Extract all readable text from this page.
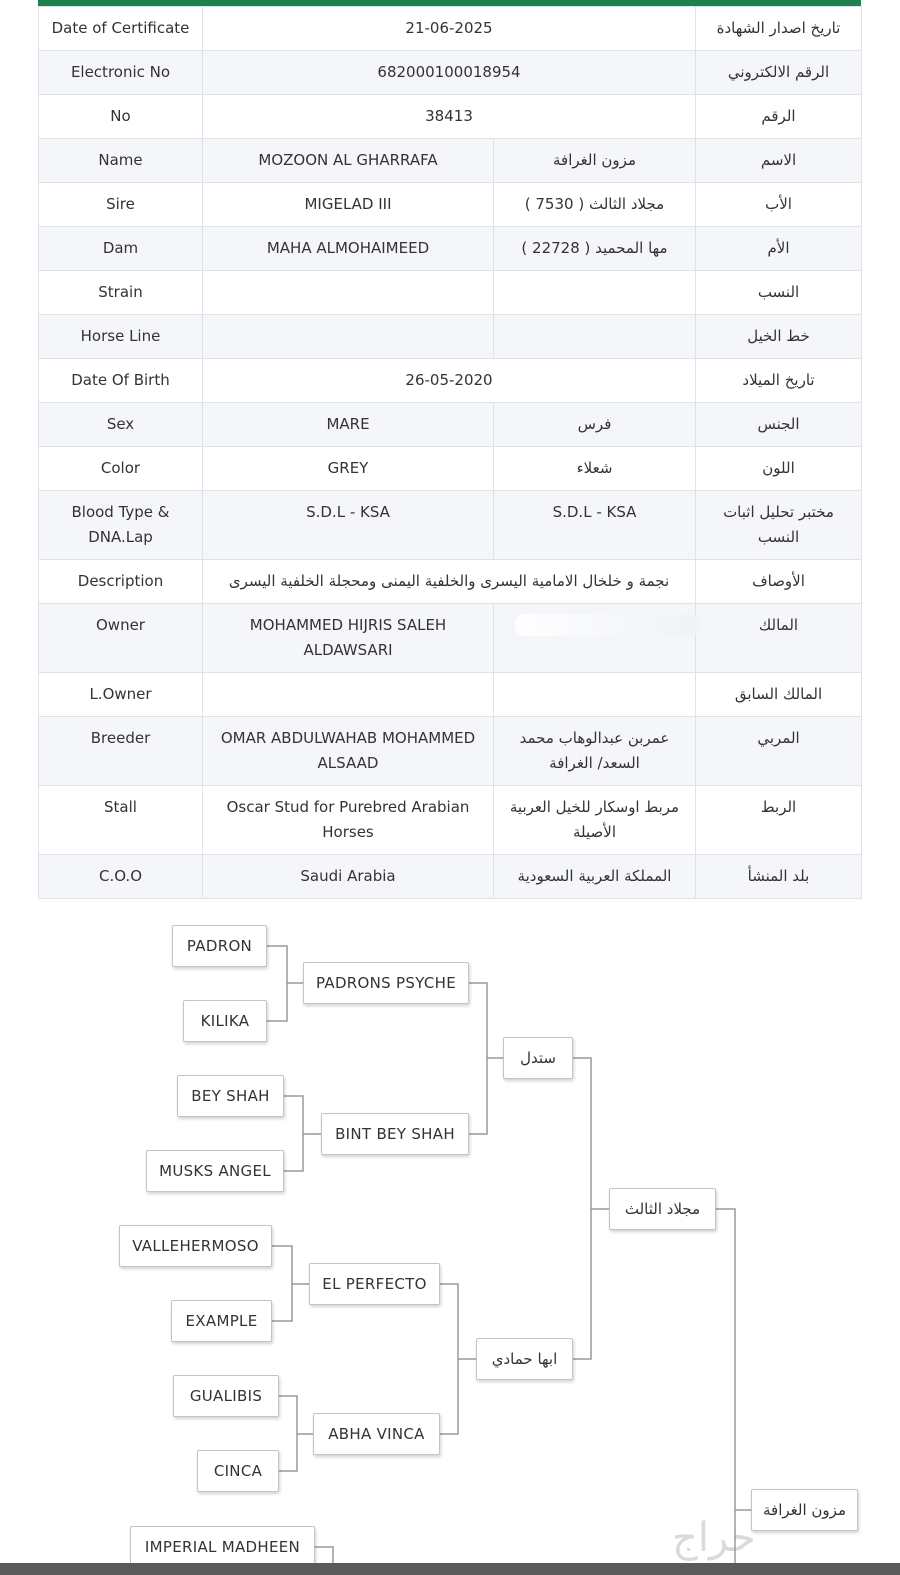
Date of Certificate	21-06-2025		تاريخ اصدار الشهادة
Electronic No	682000100018954		الرقم الالكتروني
No	38413		الرقم
Name	MOZOON AL GHARRAFA	مزون الغرافة	الاسم
Sire	MIGELAD III	مجلاد الثالث ( 7530 )	الأب
Dam	MAHA ALMOHAIMEED	مها المحميد ( 22728 )	الأم
Strain			النسب
Horse Line			خط الخيل
Date Of Birth	26-05-2020		تاريخ الميلاد
Sex	MARE	فرس	الجنس
Color	GREY	شعلاء	اللون
Blood Type & DNA.Lap	S.D.L - KSA	S.D.L - KSA	مختبر تحليل اثبات النسب
Description	نجمة و خلخال الامامية اليسرى والخلفية اليمنى ومحجلة الخلفية اليسرى		الأوصاف
Owner	MOHAMMED HIJRIS SALEH ALDAWSARI		المالك
L.Owner			المالك السابق
Breeder	OMAR ABDULWAHAB MOHAMMED ALSAAD	عمربن عبدالوهاب محمد السعد/ الغرافة	المربي
Stall	Oscar Stud for Purebred Arabian Horses	مربط اوسكار للخيل العربية الأصيلة	الربط
C.O.O	Saudi Arabia	المملكة العربية السعودية	بلد المنشأ
PADRON
KILIKA
PADRONS PSYCHE
BEY SHAH
MUSKS ANGEL
BINT BEY SHAH
ستدل
VALLEHERMOSO
EXAMPLE
EL PERFECTO
GUALIBIS
CINCA
ABHA VINCA
ابها حمادي
مجلاد الثالث
مزون الغرافة
IMPERIAL MADHEEN	حراج
